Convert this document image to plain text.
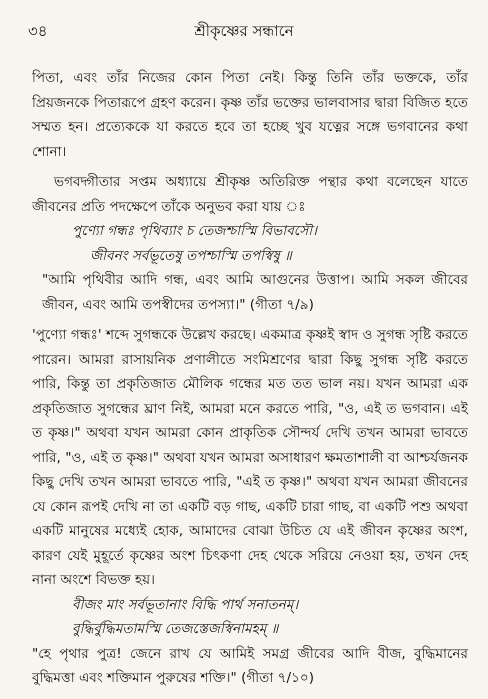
৩৪	শ্রীকৃষ্ণের সন্ধানে

পিতা, এবং তাঁর নিজের কোন পিতা নেই। কিন্তু তিনি তাঁর ভক্তকে, তাঁর প্রিয়জনকে পিতারূপে গ্রহণ করেন। কৃষ্ণ তাঁর ভক্তের ভালবাসার দ্বারা বিজিত হতে সম্মত হন। প্রত্যেককে যা করতে হবে তা হচ্ছে খুব যত্নের সঙ্গে ভগবানের কথা শোনা।

ভগবদ্গীতার সপ্তম অধ্যায়ে শ্রীকৃষ্ণ অতিরিক্ত পন্থার কথা বলেছেন যাতে জীবনের প্রতি পদক্ষেপে তাঁকে অনুভব করা যায় ঃ

পুণ্যো গন্ধঃ পৃথিব্যাং চ তেজশ্চাস্মি বিভাবসৌ।

জীবনং সর্বভূতেষু তপশ্চাস্মি তপস্বিষু ॥

"আমি পৃথিবীর আদি গন্ধ, এবং আমি আগুনের উত্তাপ। আমি সকল জীবের জীবন, এবং আমি তপস্বীদের তপস্যা।" (গীতা ৭/৯)

'পুণ্যো গন্ধঃ' শব্দে সুগন্ধকে উল্লেখ করছে। একমাত্র কৃষ্ণই স্বাদ ও সুগন্ধ সৃষ্টি করতে পারেন। আমরা রাসায়নিক প্রণালীতে সংমিশ্রণের দ্বারা কিছু সুগন্ধ সৃষ্টি করতে পারি, কিন্তু তা প্রকৃতিজাত মৌলিক গন্ধের মত তত ভাল নয়। যখন আমরা এক প্রকৃতিজাত সুগন্ধের ঘ্রাণ নিই, আমরা মনে করতে পারি, "ও, এই ত ভগবান। এই ত কৃষ্ণ।" অথবা যখন আমরা কোন প্রাকৃতিক সৌন্দর্য দেখি তখন আমরা ভাবতে পারি, "ও, এই ত কৃষ্ণ।" অথবা যখন আমরা অসাধারণ ক্ষমতাশালী বা আশ্চর্যজনক কিছু দেখি তখন আমরা ভাবতে পারি, "এই ত কৃষ্ণ।" অথবা যখন আমরা জীবনের যে কোন রূপই দেখি না তা একটি বড় গাছ, একটি চারা গাছ, বা একটি পশু অথবা একটি মানুষের মধ্যেই হোক, আমাদের বোঝা উচিত যে এই জীবন কৃষ্ণের অংশ, কারণ যেই মুহূর্তে কৃষ্ণের অংশ চিৎকণা দেহ থেকে সরিয়ে নেওয়া হয়, তখন দেহ নানা অংশে বিভক্ত হয়।

বীজং মাং সর্বভূতানাং বিদ্ধি পার্থ সনাতনম্।

বুদ্ধির্বুদ্ধিমতামস্মি তেজস্তেজস্বিনামহম্ ॥

"হে পৃথার পুত্র! জেনে রাখ যে আমিই সমগ্র জীবের আদি বীজ, বুদ্ধিমানের বুদ্ধিমত্তা এবং শক্তিমান পুরুষের শক্তি।" (গীতা ৭/১০)
